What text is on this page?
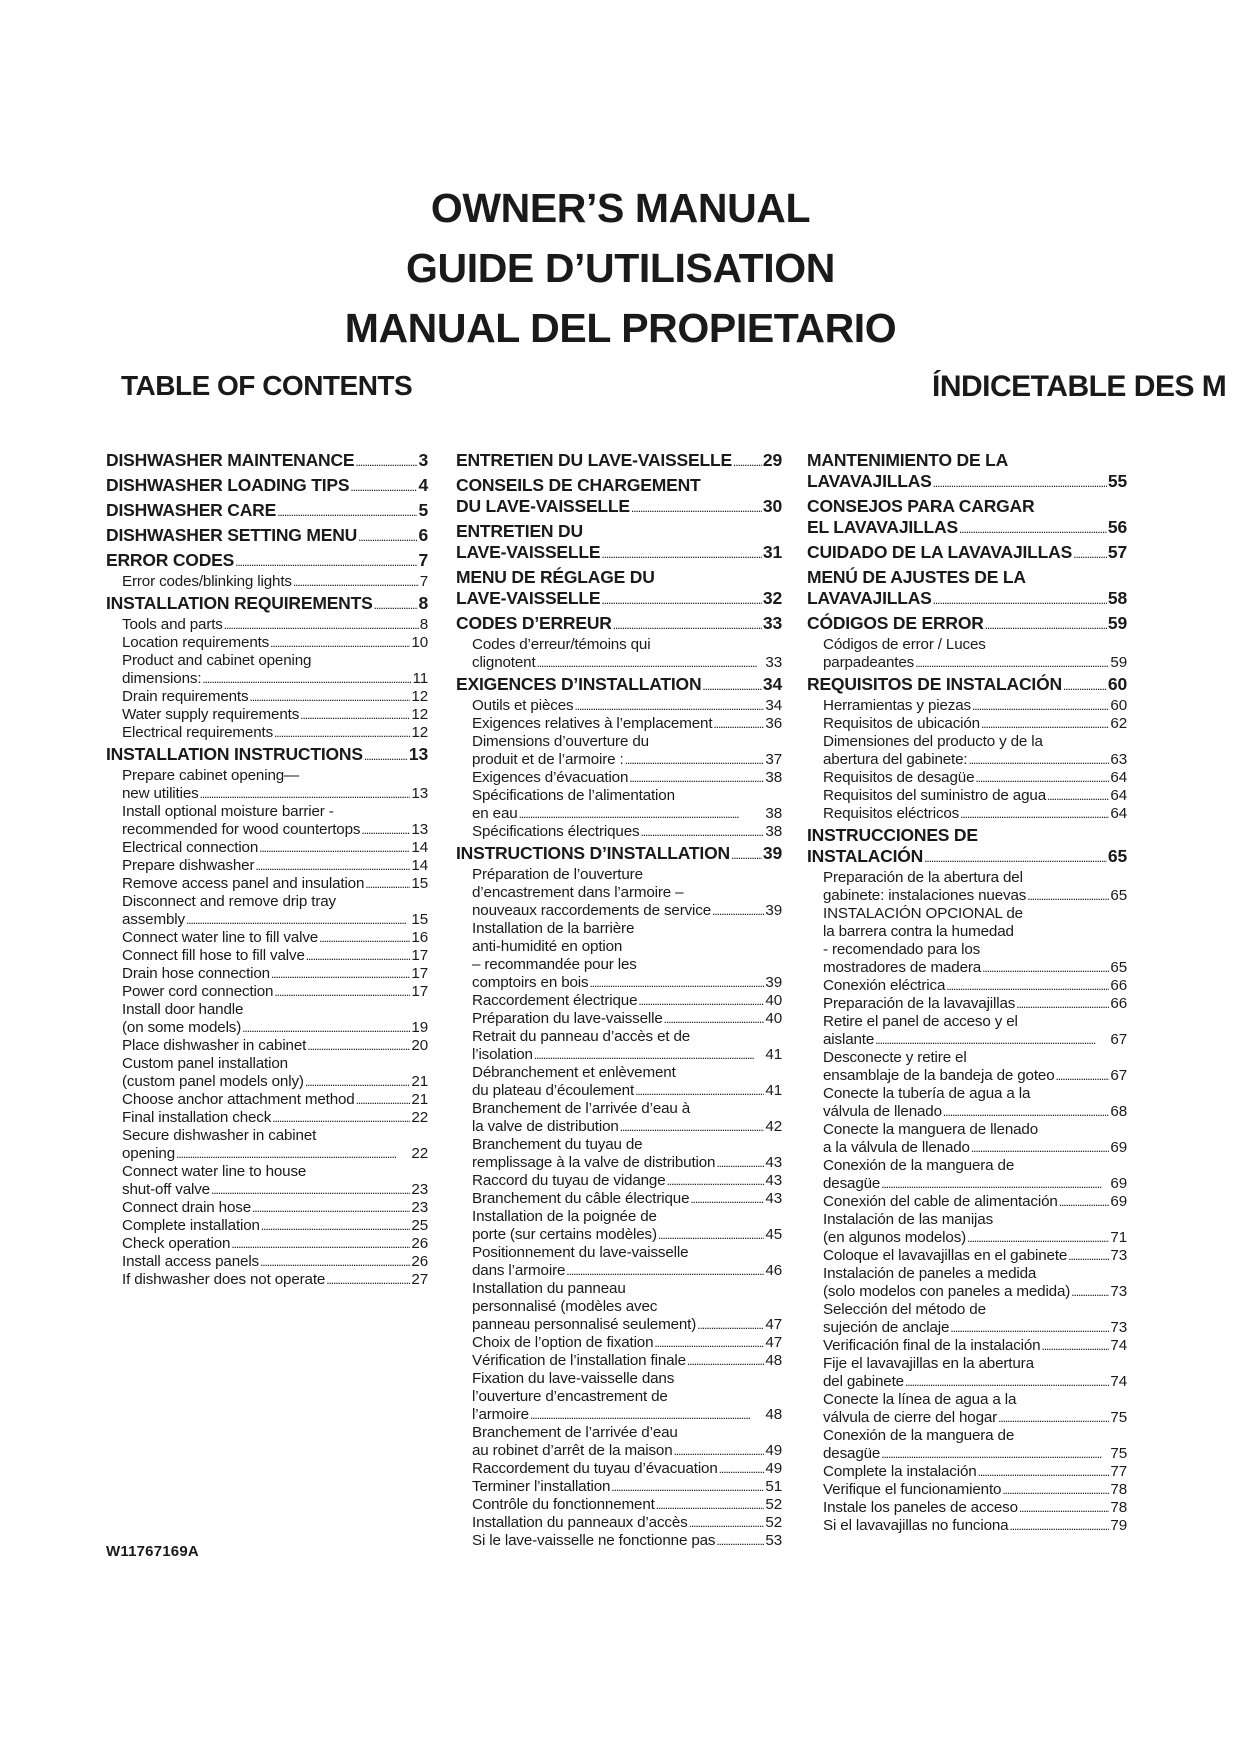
OWNER’S MANUAL
GUIDE D’UTILISATION
MANUAL DEL PROPIETARIO
TABLE OF CONTENTS	ÍNDICETABLE DES M
DISHWASHER MAINTENANCE . . .	3
DISHWASHER LOADING TIPS . . .	4
DISHWASHER CARE . . .	5
DISHWASHER SETTING MENU . . .	6
ERROR CODES . . .	7
Error codes/blinking lights . . .	7
INSTALLATION REQUIREMENTS . . .	8
Tools and parts . . .	8
Location requirements . . .	10
Product and cabinet opening
dimensions: . . .	11
Drain requirements . . .	12
Water supply requirements . . .	12
Electrical requirements . . .	12
INSTALLATION INSTRUCTIONS . . .	13
Prepare cabinet opening—
new utilities . . .	13
Install optional moisture barrier -
recommended for wood countertops . . .	13
Electrical connection . . .	14
Prepare dishwasher . . .	14
Remove access panel and insulation . . .	15
Disconnect and remove drip tray
assembly . . .	15
Connect water line to fill valve . . .	16
Connect fill hose to fill valve . . .	17
Drain hose connection . . .	17
Power cord connection . . .	17
Install door handle
(on some models) . . .	19
Place dishwasher in cabinet . . .	20
Custom panel installation
(custom panel models only) . . .	21
Choose anchor attachment method . . .	21
Final installation check . . .	22
Secure dishwasher in cabinet
opening . . .	22
Connect water line to house
shut-off valve . . .	23
Connect drain hose . . .	23
Complete installation . . .	25
Check operation . . .	26
Install access panels . . .	26
If dishwasher does not operate . . .	27
ENTRETIEN DU LAVE-VAISSELLE . . . 29
CONSEILS DE CHARGEMENT
DU LAVE-VAISSELLE . . .	30
ENTRETIEN DU
LAVE-VAISSELLE . . .	31
MENU DE RÉGLAGE DU
LAVE-VAISSELLE . . .	32
CODES D’ERREUR . . .	33
Codes d’erreur/témoins qui
clignotent . . .	33
EXIGENCES D’INSTALLATION . . .	34
Outils et pièces . . .	34
Exigences relatives à l’emplacement . . .	36
Dimensions d’ouverture du
produit et de l’armoire : . . .	37
Exigences d’évacuation . . .	38
Spécifications de l’alimentation
en eau . . .	38
Spécifications électriques . . .	38
INSTRUCTIONS D’INSTALLATION . . . 39
Préparation de l’ouverture
d’encastrement dans l’armoire –
nouveaux raccordements de service . . .	39
Installation de la barrière
anti-humidité en option
– recommandée pour les
comptoirs en bois . . .	39
Raccordement électrique . . .	40
Préparation du lave-vaisselle . . .	40
Retrait du panneau d’accès et de
l’isolation . . .	41
Débranchement et enlèvement
du plateau d’écoulement . . .	41
Branchement de l’arrivée d’eau à
la valve de distribution . . .	42
Branchement du tuyau de
remplissage à la valve de distribution . . .	43
Raccord du tuyau de vidange . . .	43
Branchement du câble électrique . . .	43
Installation de la poignée de
porte (sur certains modèles) . . .	45
Positionnement du lave-vaisselle
dans l’armoire . . .	46
Installation du panneau
personnalisé (modèles avec
panneau personnalisé seulement) . . .	47
Choix de l’option de fixation . . .	47
Vérification de l’installation finale . . .	48
Fixation du lave-vaisselle dans
l’ouverture d’encastrement de
l’armoire . . .	48
Branchement de l’arrivée d’eau
au robinet d’arrêt de la maison . . .	49
Raccordement du tuyau d’évacuation . . .	49
Terminer l’installation . . .	51
Contrôle du fonctionnement . . .	52
Installation du panneaux d’accès . . .	52
Si le lave-vaisselle ne fonctionne pas . . .	53
MANTENIMIENTO DE LA
LAVAVAJILLAS . . .	55
CONSEJOS PARA CARGAR
EL LAVAVAJILLAS . . .	56
CUIDADO DE LA LAVAVAJILLAS . . . 57
MENÚ DE AJUSTES DE LA
LAVAVAJILLAS . . .	58
CÓDIGOS DE ERROR . . .	59
Códigos de error / Luces
parpadeantes . . .	59
REQUISITOS DE INSTALACIÓN . . .	60
Herramientas y piezas . . .	60
Requisitos de ubicación . . .	62
Dimensiones del producto y de la
abertura del gabinete: . . .	63
Requisitos de desagüe . . .	64
Requisitos del suministro de agua . . .	64
Requisitos eléctricos . . .	64
INSTRUCCIONES DE
INSTALACIÓN . . .	65
Preparación de la abertura del
gabinete: instalaciones nuevas . . .	65
INSTALACIÓN OPCIONAL de
la barrera contra la humedad
- recomendado para los
mostradores de madera . . .	65
Conexión eléctrica . . .	66
Preparación de la lavavajillas . . .	66
Retire el panel de acceso y el
aislante . . .	67
Desconecte y retire el
ensamblaje de la bandeja de goteo . . .	67
Conecte la tubería de agua a la
válvula de llenado . . .	68
Conecte la manguera de llenado
a la válvula de llenado . . .	69
Conexión de la manguera de
desagüe . . .	69
Conexión del cable de alimentación . . .	69
Instalación de las manijas
(en algunos modelos) . . .	71
Coloque el lavavajillas en el gabinete . . .	73
Instalación de paneles a medida
(solo modelos con paneles a medida) . . .	73
Selección del método de
sujeción de anclaje . . .	73
Verificación final de la instalación . . .	74
Fije el lavavajillas en la abertura
del gabinete . . .	74
Conecte la línea de agua a la
válvula de cierre del hogar . . .	75
Conexión de la manguera de
desagüe . . .	75
Complete la instalación . . .	77
Verifique el funcionamiento . . .	78
Instale los paneles de acceso . . .	78
Si el lavavajillas no funciona . . .	79
W11767169A
